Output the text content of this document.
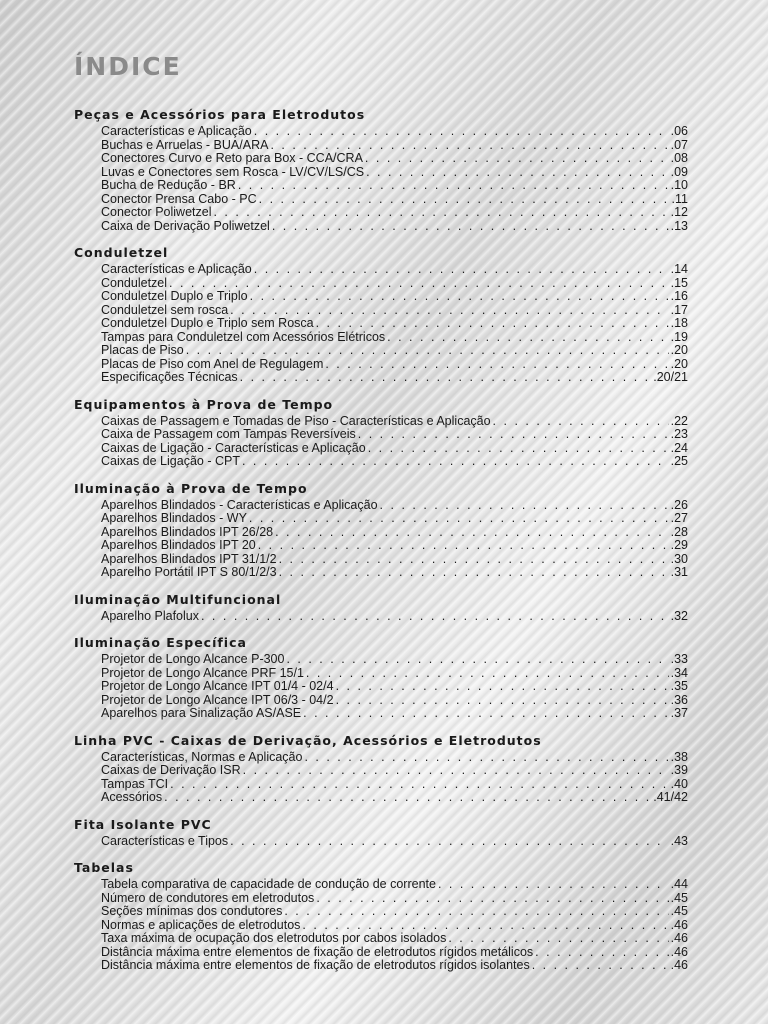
ÍNDICE
Peças e Acessórios para Eletrodutos
Características e Aplicação . . .	.06
Buchas e Arruelas - BUA/ARA . . .	.07
Conectores Curvo e Reto para Box - CCA/CRA . . .	.08
Luvas e Conectores sem Rosca - LV/CV/LS/CS . . .	.09
Bucha de Redução - BR . . .	.10
Conector Prensa Cabo - PC . . .	.11
Conector Poliwetzel . . .	.12
Caixa de Derivação Poliwetzel . . .	.13
Conduletzel
Características e Aplicação . . .	.14
Conduletzel . . .	.15
Conduletzel Duplo e Triplo . . .	.16
Conduletzel sem rosca . . .	.17
Conduletzel Duplo e Triplo sem Rosca . . .	.18
Tampas para Conduletzel com Acessórios Elétricos . . .	.19
Placas de Piso . . .	.20
Placas de Piso com Anel de Regulagem . . .	.20
Especificações Técnicas . . .	.20/21
Equipamentos à Prova de Tempo
Caixas de Passagem e Tomadas de Piso - Características e Aplicação . . .	.22
Caixa de Passagem com Tampas Reversíveis . . .	.23
Caixas de Ligação - Características e Aplicação . . .	.24
Caixas de Ligação - CPT . . .	.25
Iluminação à Prova de Tempo
Aparelhos Blindados - Características e Aplicação . . .	.26
Aparelhos Blindados - WY . . .	.27
Aparelhos Blindados IPT 26/28 . . .	.28
Aparelhos Blindados IPT 20 . . .	.29
Aparelhos Blindados IPT 31/1/2 . . .	.30
Aparelho Portátil IPT S 80/1/2/3 . . .	.31
Iluminação Multifuncional
Aparelho Plafolux . . .	.32
Iluminação Específica
Projetor de Longo Alcance P-300 . . .	.33
Projetor de Longo Alcance PRF 15/1 . . .	.34
Projetor de Longo Alcance IPT 01/4 - 02/4 . . .	.35
Projetor de Longo Alcance IPT 06/3 - 04/2 . . .	.36
Aparelhos para Sinalização AS/ASE . . .	.37
Linha PVC - Caixas de Derivação, Acessórios e Eletrodutos
Características, Normas e Aplicação . . .	.38
Caixas de Derivação ISR . . .	.39
Tampas TCI . . .	.40
Acessórios . . .	.41/42
Fita Isolante PVC
Características e Tipos . . .	.43
Tabelas
Tabela comparativa de capacidade de condução de corrente . . .	.44
Número de condutores em eletrodutos . . .	.45
Seções mínimas dos condutores . . .	.45
Normas e aplicações de eletrodutos . . .	.46
Taxa máxima de ocupação dos eletrodutos por cabos isolados . . .	.46
Distância máxima entre elementos de fixação de eletrodutos rígidos metálicos . . .	.46
Distância máxima entre elementos de fixação de eletrodutos rígidos isolantes . . .	.46
